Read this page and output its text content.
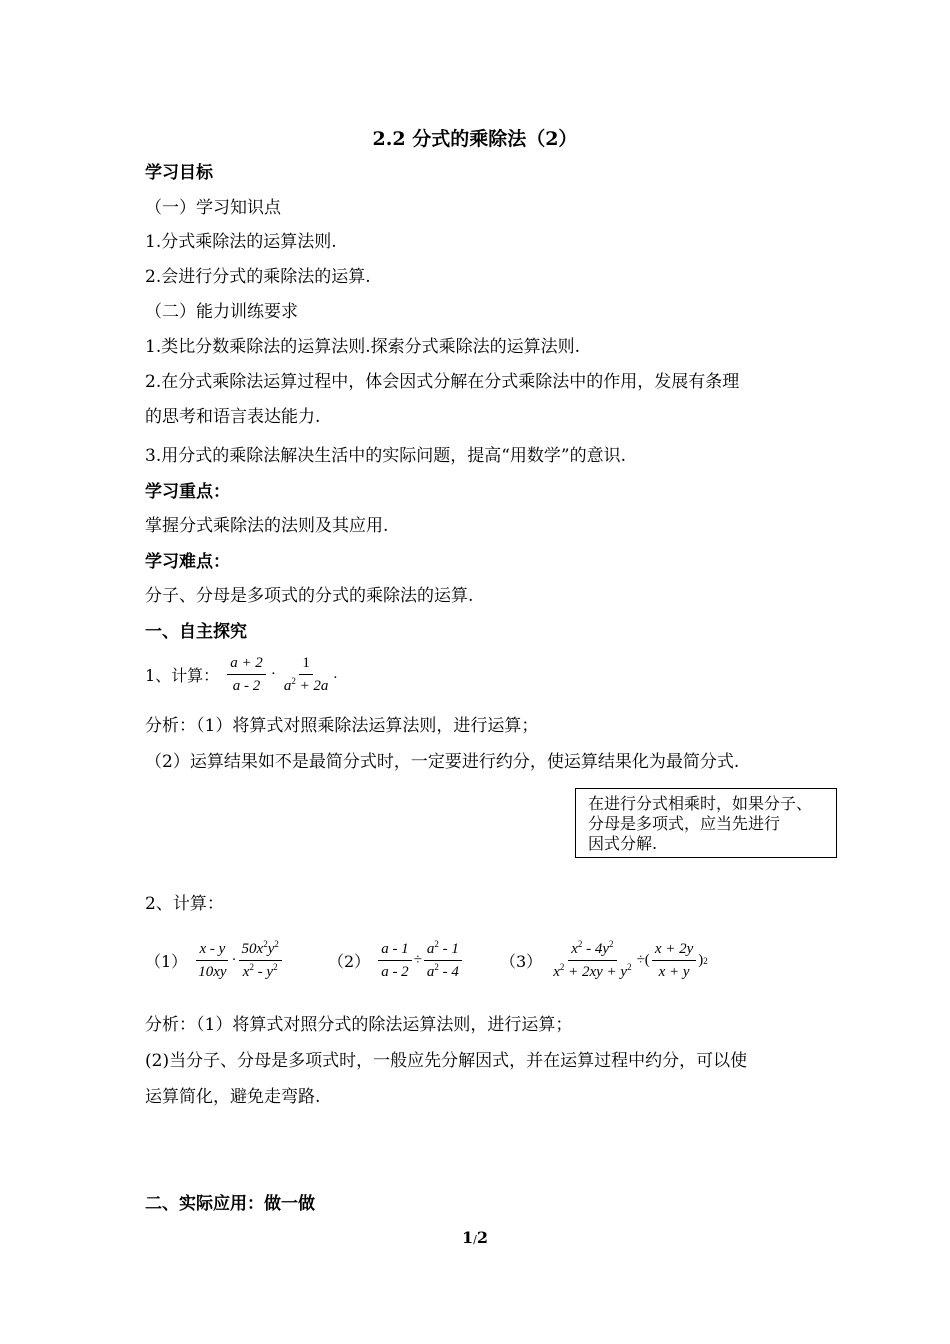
2.2 分式的乘除法（2）
学习目标
（一）学习知识点
1.分式乘除法的运算法则.
2.会进行分式的乘除法的运算.
（二）能力训练要求
1.类比分数乘除法的运算法则.探索分式乘除法的运算法则.
2.在分式乘除法运算过程中，体会因式分解在分式乘除法中的作用，发展有条理
的思考和语言表达能力.
3.用分式的乘除法解决生活中的实际问题，提高“用数学”的意识.
学习重点：
掌握分式乘除法的法则及其应用.
学习难点：
分子、分母是多项式的分式的乘除法的运算.
一、自主探究
1、计算： $\frac{a + 2}{a - 2} \cdot \frac{1}{a^2 + 2a}$ .
分析：（1）将算式对照乘除法运算法则，进行运算；
（2）运算结果如不是最简分式时，一定要进行约分，使运算结果化为最简分式.
在进行分式相乘时，如果分子、
分母是多项式，应当先进行
因式分解.
2、计算：
$(1) \frac{x - y}{10xy} \cdot \frac{50x^2y^2}{x^2 - y^2}$	$(2) \frac{a - 1}{a - 2} \div \frac{a^2 - 1}{a^2 - 4} (3) \frac{x^2 - 4y^2}{x^2 + 2xy + y^2}$ ÷( $\frac{x + 2y}{x + y}$ ) 2
分析：（1）将算式对照分式的除法运算法则，进行运算；
(2)当分子、分母是多项式时，一般应先分解因式，并在运算过程中约分，可以使
运算简化，避免走弯路.
二、实际应用：做一做
1/2
